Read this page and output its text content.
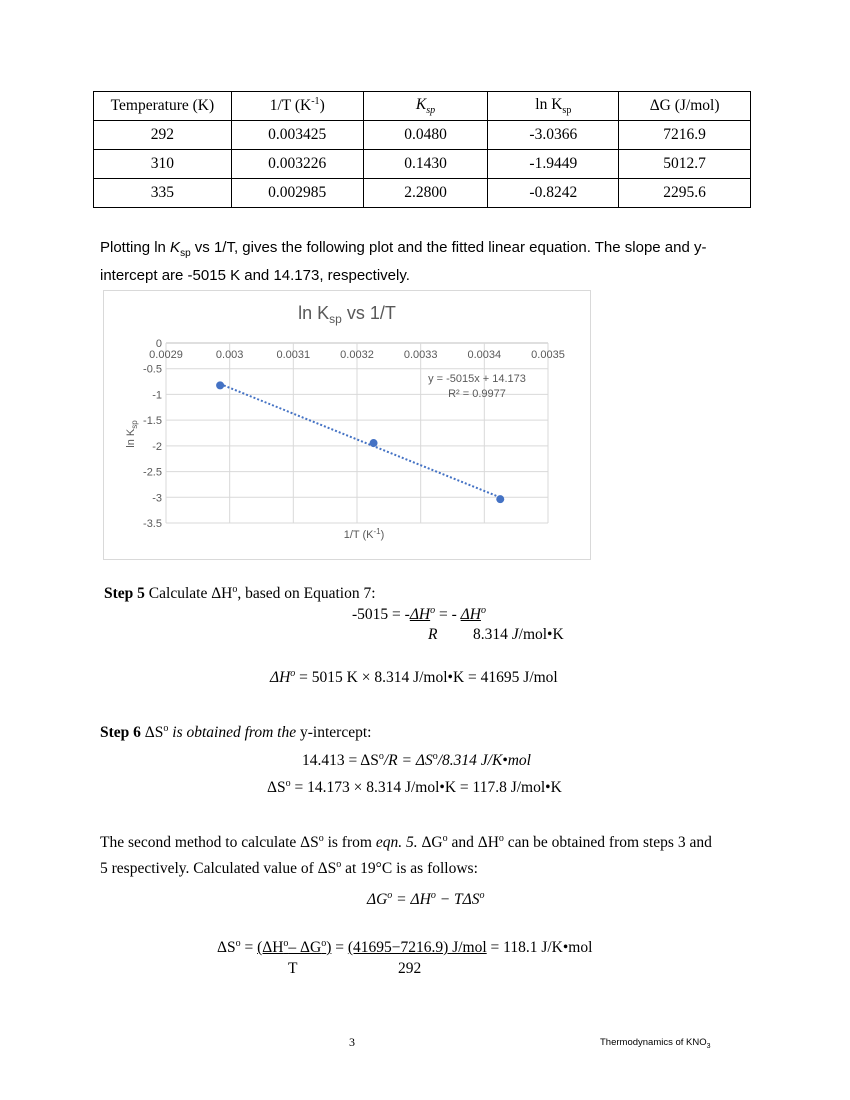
Temperature (K)	1/T $(K^{-1})$	$K_{sp}$	$\ln K_{sp}$	ΔG (J/mol)
292	0.003425	0.0480	-3.0366	7216.9
310	0.003226	0.1430	-1.9449	5012.7
335	0.002985	2.2800	-0.8242	2295.6
Plotting $\ln K_{sp}$ vs 1/T, gives the following plot and the fitted linear equation. The slope and y-
intercept are -5015 K and 14.173, respectively.
$\ln K_{sp}$ vs 1/T
0.0029	0.003	0.0031	0.0032	0.0033	0.0034	0.0035
0
-0.5
-1
-1.5
-2
-2.5
-3
-3.5
y = -5015x + 14.173
R² = 0.9977
1/T $(K^{-1})$
$\ln K_{sp}$
Step 5 Calculate $\Delta H^o$, based on Equation 7:
$-5015 = -\Delta H^o$ = - $\Delta H^o$
R 8.314 J/mol•K
$\Delta H^o = 5015$ K × 8.314 J/mol•K = 41695 J/mol
Step 6 $\Delta S^o$ is obtained from the y-intercept:
$14.413 = \Delta S^o/R = \Delta S^o/8.314$ J/K•mol
$\Delta S^o = 14.173 \times 8.314$ J/mol•K = 117.8 J/mol•K
The second method to calculate $\Delta S^o$ is from eqn. 5. $\Delta G^o$ and $\Delta H^o$ can be obtained from steps 3 and
5 respectively. Calculated value of $\Delta S^o$ at 19°C is as follows:
$\Delta G^o = \Delta H^o - T\Delta S^o$
$\Delta S^o = (\Delta H^o-$ $\Delta G^o) = (41695-7216.9)$ J/mol = 118.1 J/K•mol
T	292
3	Thermodynamics of $KNO_3$
